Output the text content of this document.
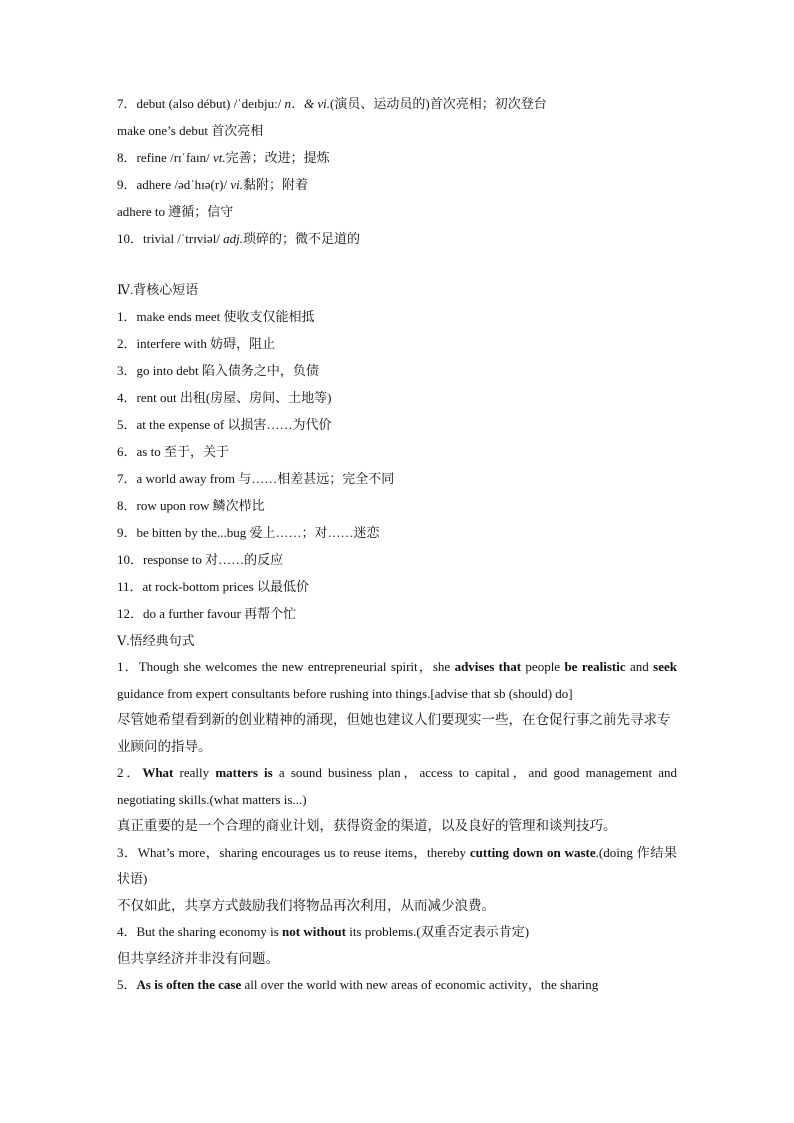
7．debut (also début) /ˈdeɪbjuː/ n．& vi.(演员、运动员的)首次亮相；初次登台
make one’s debut 首次亮相
8．refine /rɪˈfaɪn/ vt.完善；改进；提炼
9．adhere /ədˈhɪə(r)/ vi.黏附；附着
adhere to 遵循；信守
10．trivial /ˈtrɪviəl/ adj.琐碎的；微不足道的
Ⅳ.背核心短语
1．make ends meet 使收支仅能相抵
2．interfere with 妨碍，阻止
3．go into debt 陷入债务之中，负债
4．rent out 出租(房屋、房间、土地等)
5．at the expense of 以损害……为代价
6．as to 至于，关于
7．a world away from 与……相差甚远；完全不同
8．row upon row 鳞次栉比
9．be bitten by the...bug 爱上……；对……迷恋
10．response to 对……的反应
11．at rock-bottom prices 以最低价
12．do a further favour 再帮个忙
Ⅴ.悟经典句式
1．Though she welcomes the new entrepreneurial spirit，she advises that people be realistic and seek guidance from expert consultants before rushing into things.[advise that sb (should) do]
尽管她希望看到新的创业精神的涌现，但她也建议人们要现实一些，在仓促行事之前先寻求专业顾问的指导。
2．What really matters is a sound business plan，access to capital，and good management and negotiating skills.(what matters is...)
真正重要的是一个合理的商业计划，获得资金的渠道，以及良好的管理和谈判技巧。
3．What’s more，sharing encourages us to reuse items，thereby cutting down on waste.(doing 作结果状语)
不仅如此，共享方式鼓励我们将物品再次利用，从而减少浪费。
4．But the sharing economy is not without its problems.(双重否定表示肯定)
但共享经济并非没有问题。
5．As is often the case all over the world with new areas of economic activity，the sharing
